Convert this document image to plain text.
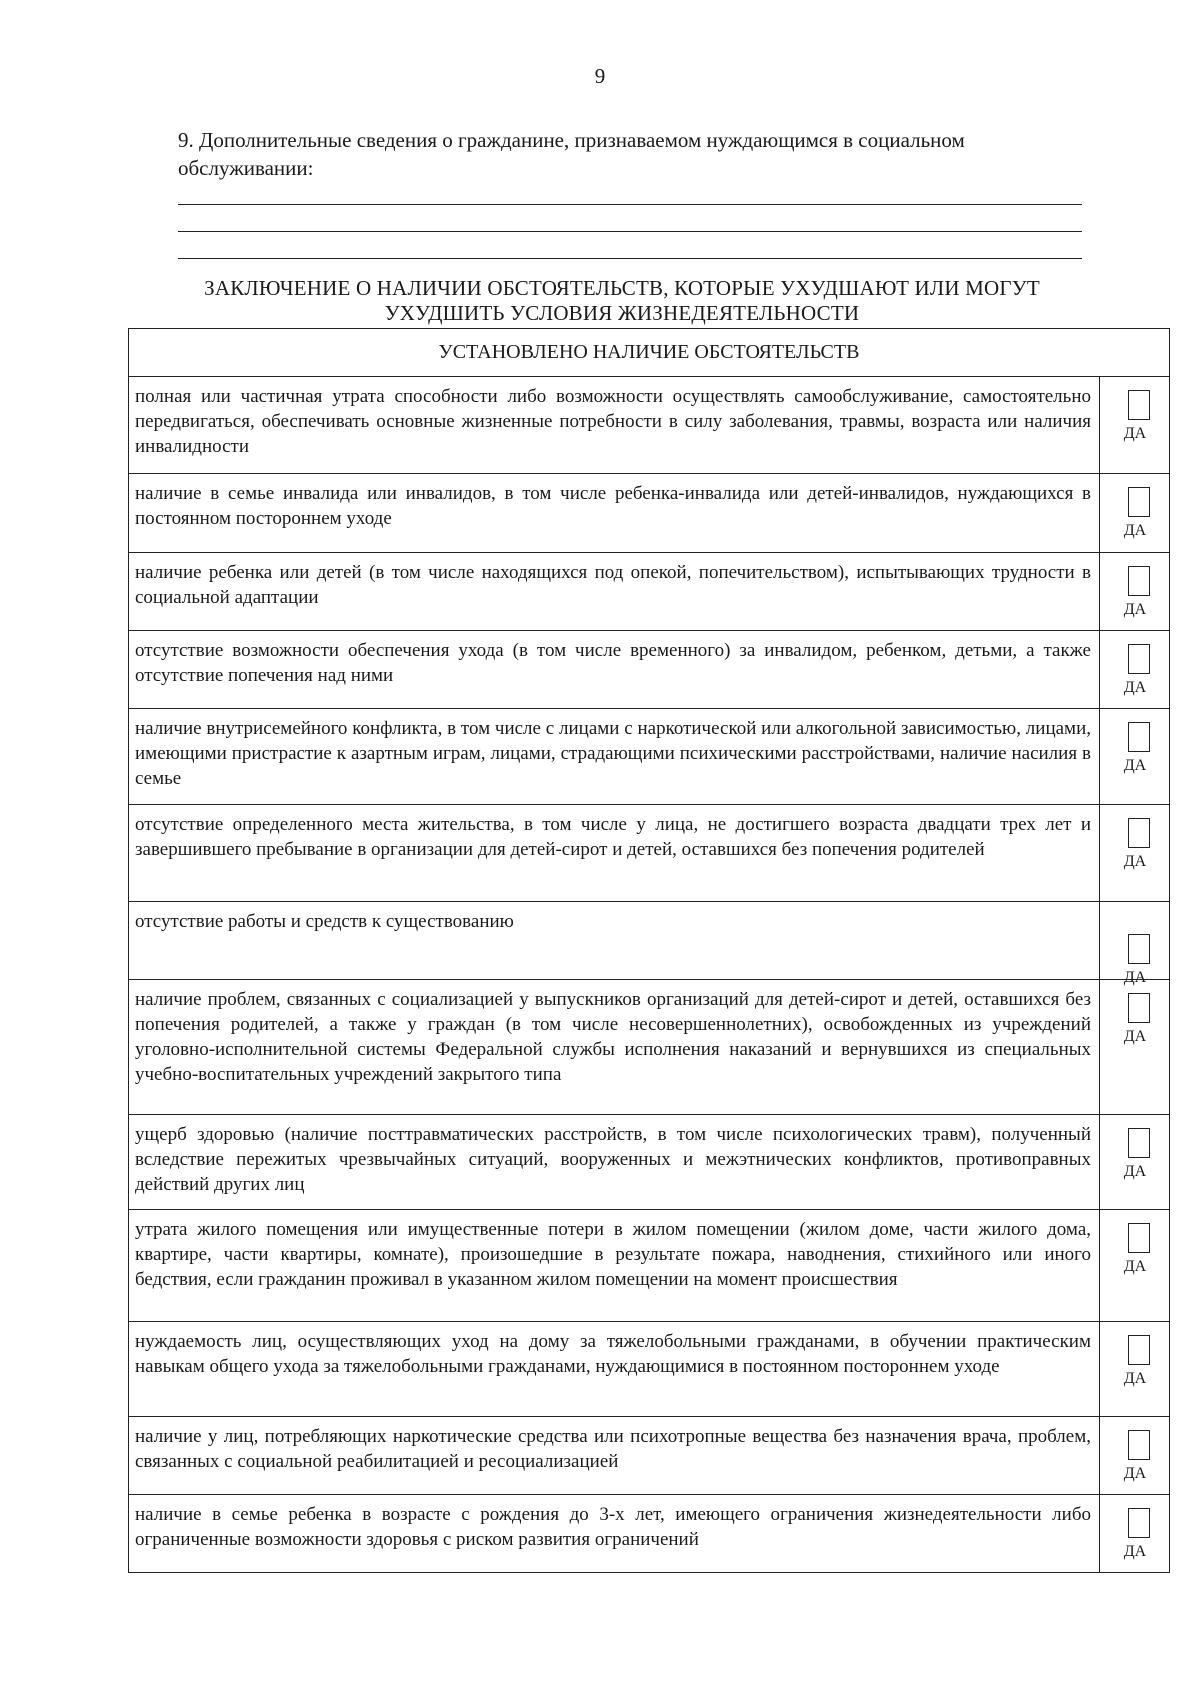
9
9. Дополнительные сведения о гражданине, признаваемом нуждающимся в социальном обслуживании:
ЗАКЛЮЧЕНИЕ О НАЛИЧИИ ОБСТОЯТЕЛЬСТВ, КОТОРЫЕ УХУДШАЮТ ИЛИ МОГУТ УХУДШИТЬ УСЛОВИЯ ЖИЗНЕДЕЯТЕЛЬНОСТИ
УСТАНОВЛЕНО НАЛИЧИЕ ОБСТОЯТЕЛЬСТВ	
полная или частичная утрата способности либо возможности осуществлять самообслуживание, самостоятельно передвигаться, обеспечивать основные жизненные потребности в силу заболевания, травмы, возраста или наличия инвалидности	ДА

наличие в семье инвалида или инвалидов, в том числе ребенка-инвалида или детей-инвалидов, нуждающихся в постоянном постороннем уходе	ДА

наличие ребенка или детей (в том числе находящихся под опекой, попечительством), испытывающих трудности в социальной адаптации	ДА

отсутствие возможности обеспечения ухода (в том числе временного) за инвалидом, ребенком, детьми, а также отсутствие попечения над ними	ДА

наличие внутрисемейного конфликта, в том числе с лицами с наркотической или алкогольной зависимостью, лицами, имеющими пристрастие к азартным играм, лицами, страдающими психическими расстройствами, наличие насилия в семье	ДА

отсутствие определенного места жительства, в том числе у лица, не достигшего возраста двадцати трех лет и завершившего пребывание в организации для детей-сирот и детей, оставшихся без попечения родителей	ДА

отсутствие работы и средств к существованию	ДА

наличие проблем, связанных с социализацией у выпускников организаций для детей-сирот и детей, оставшихся без попечения родителей, а также у граждан (в том числе несовершеннолетних), освобожденных из учреждений уголовно-исполнительной системы Федеральной службы исполнения наказаний и вернувшихся из специальных учебно-воспитательных учреждений закрытого типа	ДА

ущерб здоровью (наличие посттравматических расстройств, в том числе психологических травм), полученный вследствие пережитых чрезвычайных ситуаций, вооруженных и межэтнических конфликтов, противоправных действий других лиц	ДА

утрата жилого помещения или имущественные потери в жилом помещении (жилом доме, части жилого дома, квартире, части квартиры, комнате), произошедшие в результате пожара, наводнения, стихийного или иного бедствия, если гражданин проживал в указанном жилом помещении на момент происшествия	ДА

нуждаемость лиц, осуществляющих уход на дому за тяжелобольными гражданами, в обучении практическим навыкам общего ухода за тяжелобольными гражданами, нуждающимися в постоянном постороннем уходе	ДА

наличие у лиц, потребляющих наркотические средства или психотропные вещества без назначения врача, проблем, связанных с социальной реабилитацией и ресоциализацией	ДА

наличие в семье ребенка в возрасте с рождения до 3-х лет, имеющего ограничения жизнедеятельности либо ограниченные возможности здоровья с риском развития ограничений	ДА
